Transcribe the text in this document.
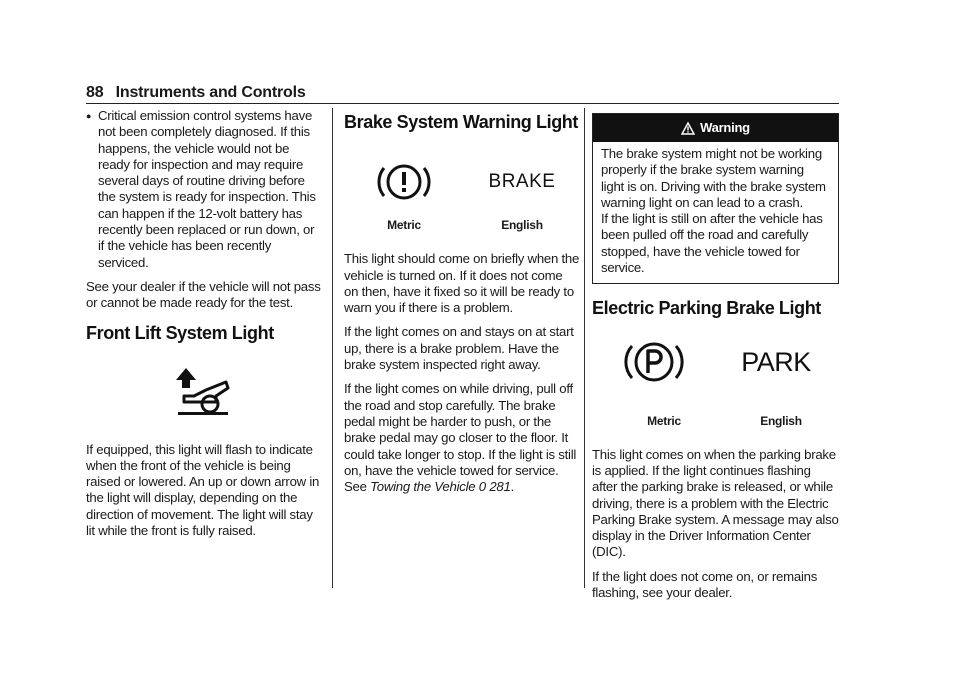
88 Instruments and Controls
● Critical emission control systems have not been completely diagnosed. If this happens, the vehicle would not be ready for inspection and may require several days of routine driving before the system is ready for inspection. This can happen if the 12-volt battery has recently been replaced or run down, or if the vehicle has been recently serviced.

See your dealer if the vehicle will not pass or cannot be made ready for the test.

Front Lift System Light

If equipped, this light will flash to indicate when the front of the vehicle is being raised or lowered. An up or down arrow in the light will display, depending on the direction of movement. The light will stay lit while the front is fully raised.

Brake System Warning Light
BRAKE
Metric	English

This light should come on briefly when the vehicle is turned on. If it does not come on then, have it fixed so it will be ready to warn you if there is a problem.

If the light comes on and stays on at start up, there is a brake problem. Have the brake system inspected right away.

If the light comes on while driving, pull off the road and stop carefully. The brake pedal might be harder to push, or the brake pedal may go closer to the floor. It could take longer to stop. If the light is still on, have the vehicle towed for service. See Towing the Vehicle 0 281.

Warning

The brake system might not be working properly if the brake system warning light is on. Driving with the brake system warning light on can lead to a crash.

If the light is still on after the vehicle has been pulled off the road and carefully stopped, have the vehicle towed for service.

Electric Parking Brake Light
PARK
Metric	English

This light comes on when the parking brake is applied. If the light continues flashing after the parking brake is released, or while driving, there is a problem with the Electric Parking Brake system. A message may also display in the Driver Information Center (DIC).

If the light does not come on, or remains flashing, see your dealer.
